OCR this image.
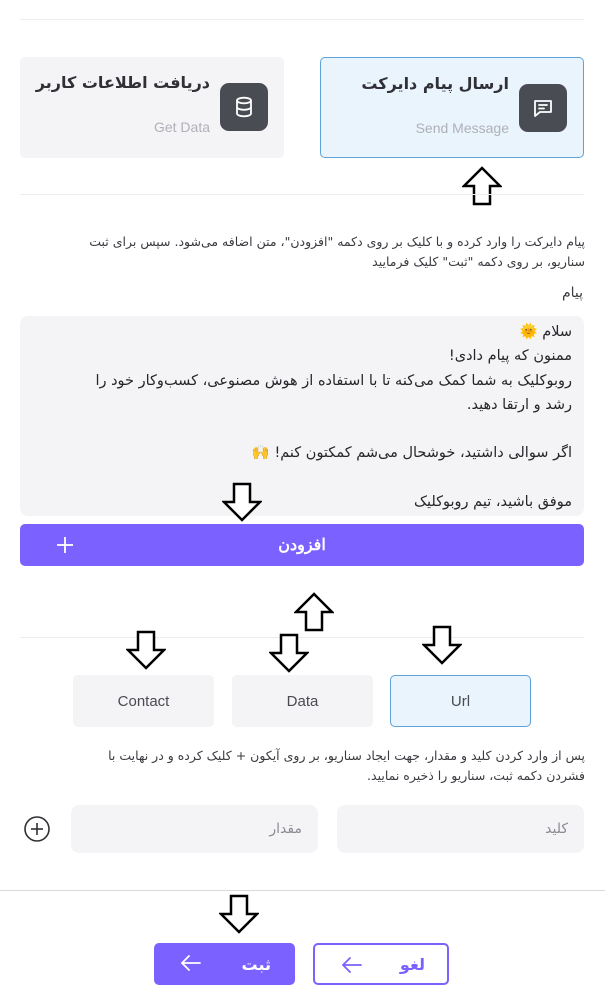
ارسال پیام دایرکت
Send Message
دریافت اطلاعات کاربر
Get Data
پیام دایرکت را وارد کرده و با کلیک بر روی دکمه "افزودن"، متن اضافه می‌شود. سپس برای ثبت
سناریو، بر روی دکمه "ثبت" کلیک فرمایید
پیام
سلام 🌞
ممنون که پیام دادی!
روبوکلیک به شما کمک می‌کنه تا با استفاده از هوش مصنوعی، کسب‌وکار خود را
رشد و ارتقا دهید.
اگر سوالی داشتید، خوشحال می‌شم کمکتون کنم! 🙌
موفق باشید، تیم روبوکلیک
افزودن
Contact	Data	Url
پس از وارد کردن کلید و مقدار، جهت ایجاد سناریو، بر روی آیکون + کلیک کرده و در نهایت با
فشردن دکمه ثبت، سناریو را ذخیره نمایید.
کلید
مقدار
ثبت	لغو
